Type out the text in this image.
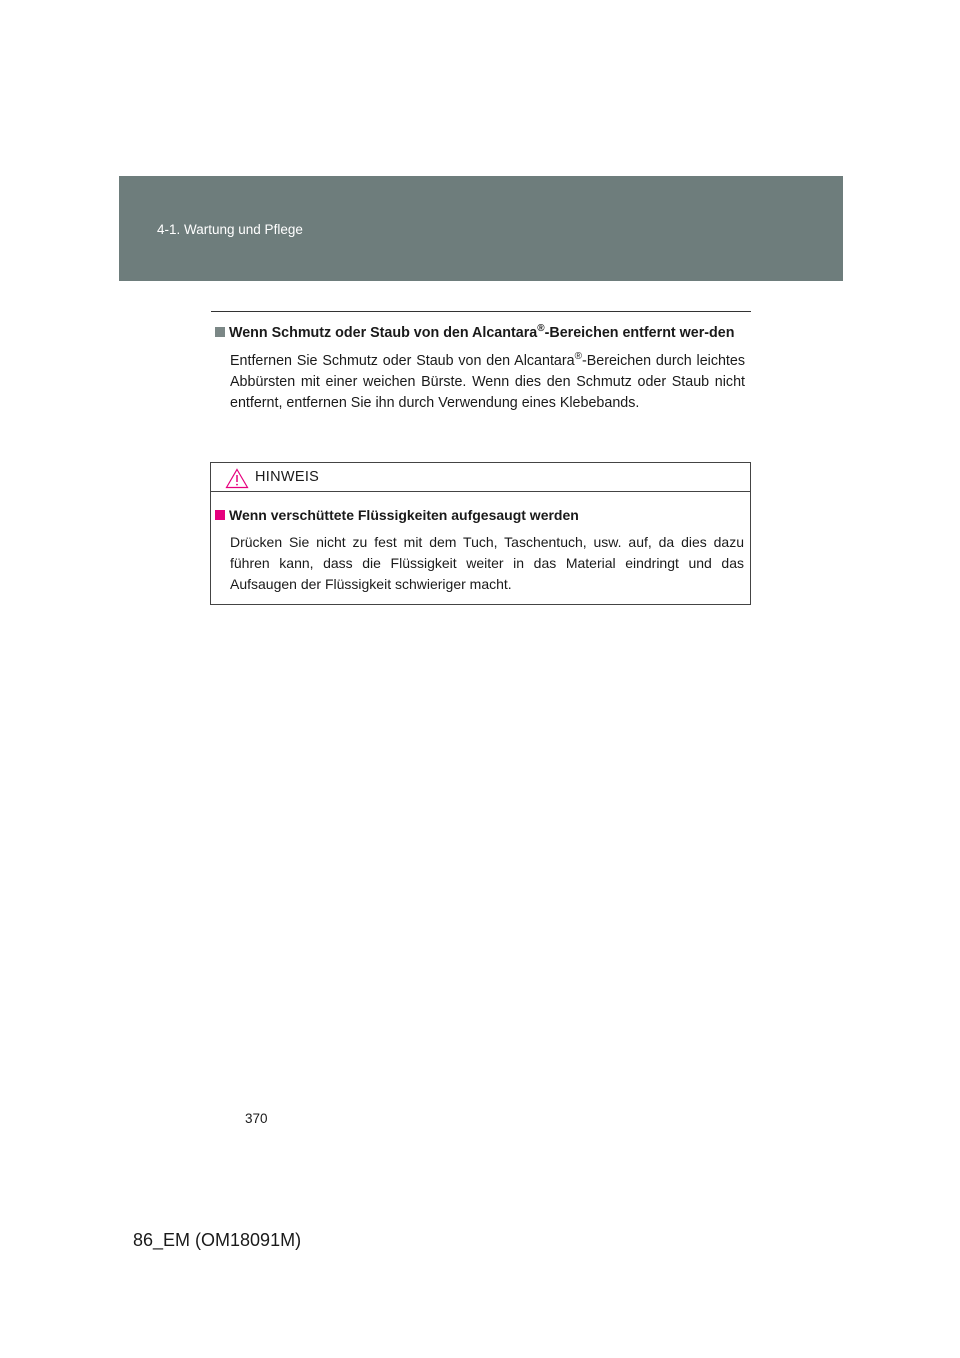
4-1. Wartung und Pflege
Wenn Schmutz oder Staub von den Alcantara®-Bereichen entfernt wer-den
Entfernen Sie Schmutz oder Staub von den Alcantara®-Bereichen durch leichtes Abbürsten mit einer weichen Bürste. Wenn dies den Schmutz oder Staub nicht entfernt, entfernen Sie ihn durch Verwendung eines Klebebands.
HINWEIS
Wenn verschüttete Flüssigkeiten aufgesaugt werden
Drücken Sie nicht zu fest mit dem Tuch, Taschentuch, usw. auf, da dies dazu führen kann, dass die Flüssigkeit weiter in das Material eindringt und das Aufsaugen der Flüssigkeit schwieriger macht.
370
86_EM (OM18091M)
